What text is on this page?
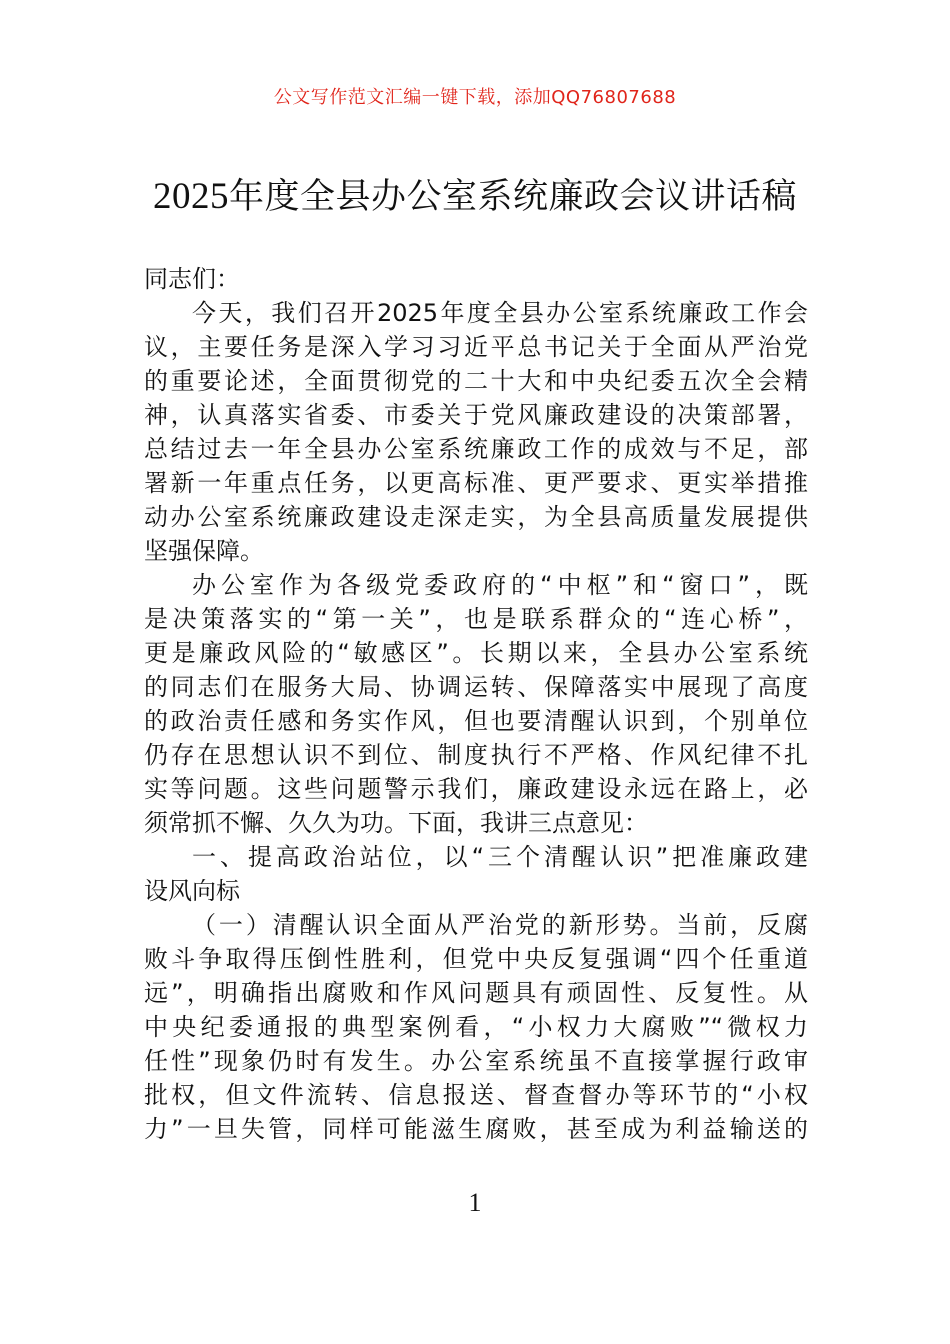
公文写作范文汇编一键下载，添加QQ76807688
2025年度全县办公室系统廉政会议讲话稿

同志们：

今天，我们召开2025年度全县办公室系统廉政工作会
议，主要任务是深入学习习近平总书记关于全面从严治党
的重要论述，全面贯彻党的二十大和中央纪委五次全会精
神，认真落实省委、市委关于党风廉政建设的决策部署，
总结过去一年全县办公室系统廉政工作的成效与不足，部
署新一年重点任务，以更高标准、更严要求、更实举措推
动办公室系统廉政建设走深走实，为全县高质量发展提供
坚强保障。

办公室作为各级党委政府的“中枢”和“窗口”，既
是决策落实的“第一关”，也是联系群众的“连心桥”，
更是廉政风险的“敏感区”。长期以来，全县办公室系统
的同志们在服务大局、协调运转、保障落实中展现了高度
的政治责任感和务实作风，但也要清醒认识到，个别单位
仍存在思想认识不到位、制度执行不严格、作风纪律不扎
实等问题。这些问题警示我们，廉政建设永远在路上，必
须常抓不懈、久久为功。下面，我讲三点意见：

一、提高政治站位，以“三个清醒认识”把准廉政建
设风向标

（一）清醒认识全面从严治党的新形势。当前，反腐
败斗争取得压倒性胜利，但党中央反复强调“四个任重道
远”，明确指出腐败和作风问题具有顽固性、反复性。从
中央纪委通报的典型案例看，“小权力大腐败”“微权力
任性”现象仍时有发生。办公室系统虽不直接掌握行政审
批权，但文件流转、信息报送、督查督办等环节的“小权
力”一旦失管，同样可能滋生腐败，甚至成为利益输送的

1
